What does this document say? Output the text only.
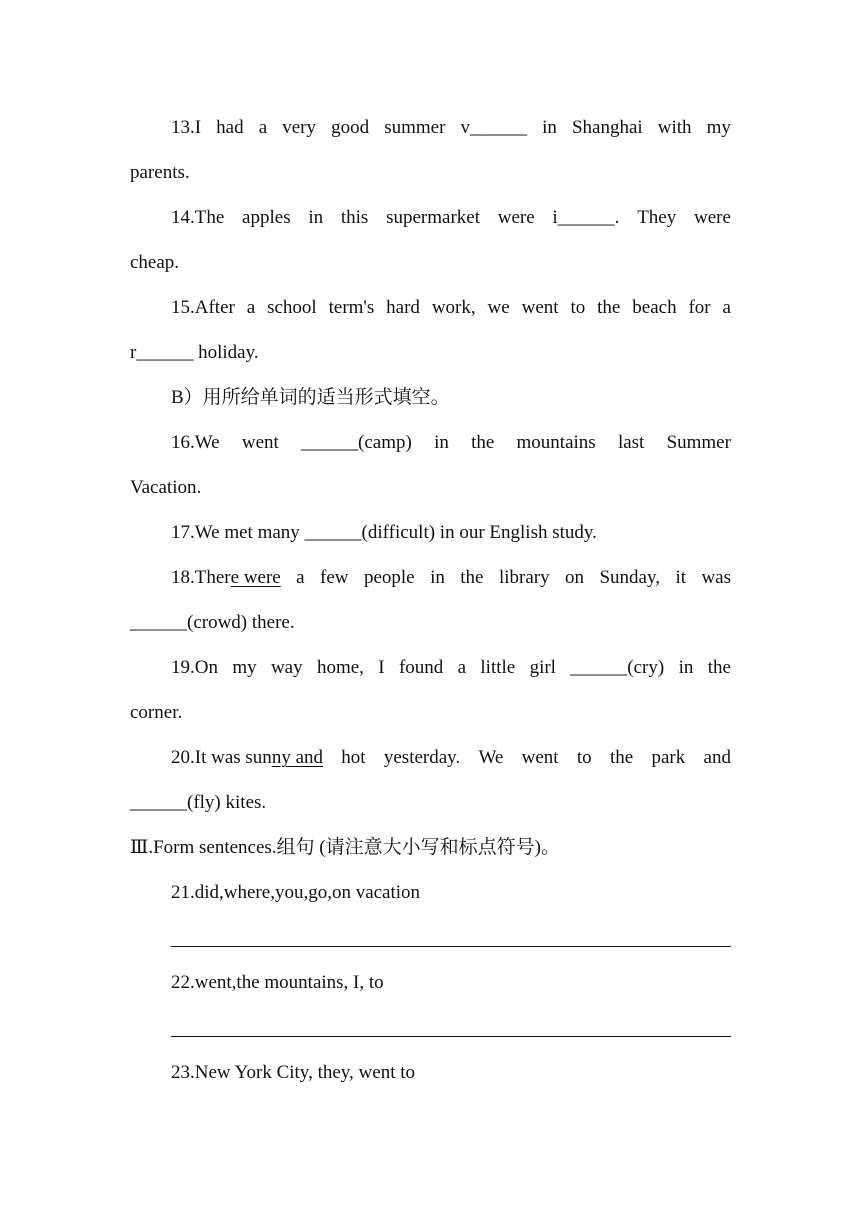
13.I had a very good summer v______ in Shanghai with my
parents.
14.The apples in this supermarket were i______. They were
cheap.
15.After a school term's hard work, we went to the beach for a
r______ holiday.
B）用所给单词的适当形式填空。
16.We went ______(camp) in the mountains last Summer
Vacation.
17.We met many ______(difficult) in our English study.
18.There were a few people in the library on Sunday, it was
______(crowd) there.
19.On my way home, I found a little girl ______(cry) in the
corner.
20.It was sunny and hot yesterday. We went to the park and
______(fly) kites.
Ⅲ.Form sentences.组句 (请注意大小写和标点符号)。
21.did,where,you,go,on vacation
22.went,the mountains, I, to
23.New York City, they, went to
